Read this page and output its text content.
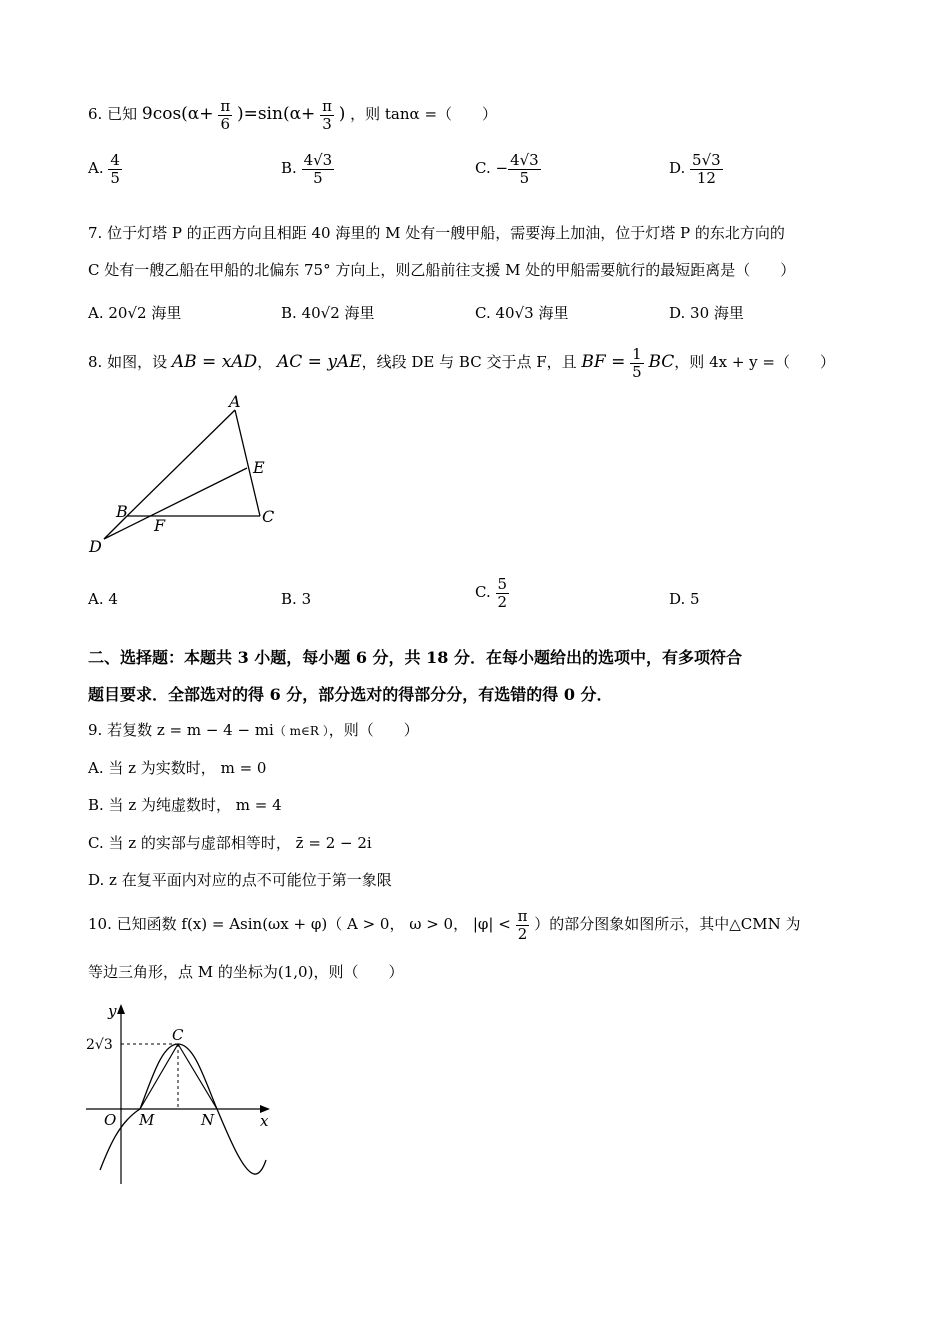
6. 已知 $9\cos(\alpha+ \frac{\pi}{6} )=\sin(\alpha+ \frac{\pi}{3}$ ) ，则 tanα =（　　）
A. $\frac{4}{5}$	B. $\frac{4√3}{5}$	C. − $\frac{4√3}{5}$	D. $\frac{5√3}{12}$
7. 位于灯塔 P 的正西方向且相距 40 海里的 M 处有一艘甲船，需要海上加油，位于灯塔 P 的东北方向的
C 处有一艘乙船在甲船的北偏东 75° 方向上，则乙船前往支援 M 处的甲船需要航行的最短距离是（　　）
A. 20√2 海里	B. 40√2 海里	C. 40√3 海里	D. 30 海里
8. 如图，设 AB = xAD， AC = yAE，线段 DE 与 BC 交于点 F，且 BF = $\frac{1}{5}$ BC，则 4x + y =（　　）
A
E
B	C
F
D
A. 4	B. 3	C. $\frac{5}{2}$	D. 5
二、选择题：本题共 3 小题，每小题 6 分，共 18 分．在每小题给出的选项中，有多项符合
题目要求．全部选对的得 6 分，部分选对的得部分分，有选错的得 0 分．
9. 若复数 z = m − 4 − mi（ m∈R ），则（　　）
A. 当 z 为实数时， m = 0
B. 当 z 为纯虚数时， m = 4
C. 当 z 的实部与虚部相等时， z̄ = 2 − 2i
D. z 在复平面内对应的点不可能位于第一象限
10. 已知函数 f(x) = Asin(ωx + φ)（ A > 0， ω > 0， $|\varphi| < \frac{\pi}{2}$ ）的部分图象如图所示，其中△CMN 为
等边三角形，点 M 的坐标为(1,0)，则（　　）
y
x
C
O M	N
2√3
